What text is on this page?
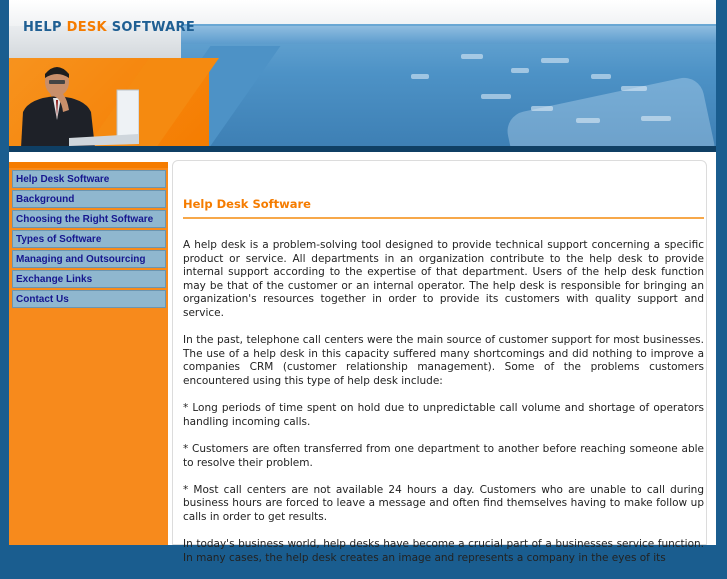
HELP DESK SOFTWARE
Help Desk Software
Background
Choosing the Right Software
Types of Software
Managing and Outsourcing
Exchange Links
Contact Us
Help Desk Software

A help desk is a problem-solving tool designed to provide technical support concerning a specific product or service. All departments in an organization contribute to the help desk to provide internal support according to the expertise of that department. Users of the help desk function may be that of the customer or an internal operator. The help desk is responsible for bringing an organization's resources together in order to provide its customers with quality support and service.

In the past, telephone call centers were the main source of customer support for most businesses. The use of a help desk in this capacity suffered many shortcomings and did nothing to improve a companies CRM (customer relationship management). Some of the problems customers encountered using this type of help desk include:

* Long periods of time spent on hold due to unpredictable call volume and shortage of operators handling incoming calls.

* Customers are often transferred from one department to another before reaching someone able to resolve their problem.

* Most call centers are not available 24 hours a day. Customers who are unable to call during business hours are forced to leave a message and often find themselves having to make follow up calls in order to get results.

In today's business world, help desks have become a crucial part of a businesses service function. In many cases, the help desk creates an image and represents a company in the eyes of its
